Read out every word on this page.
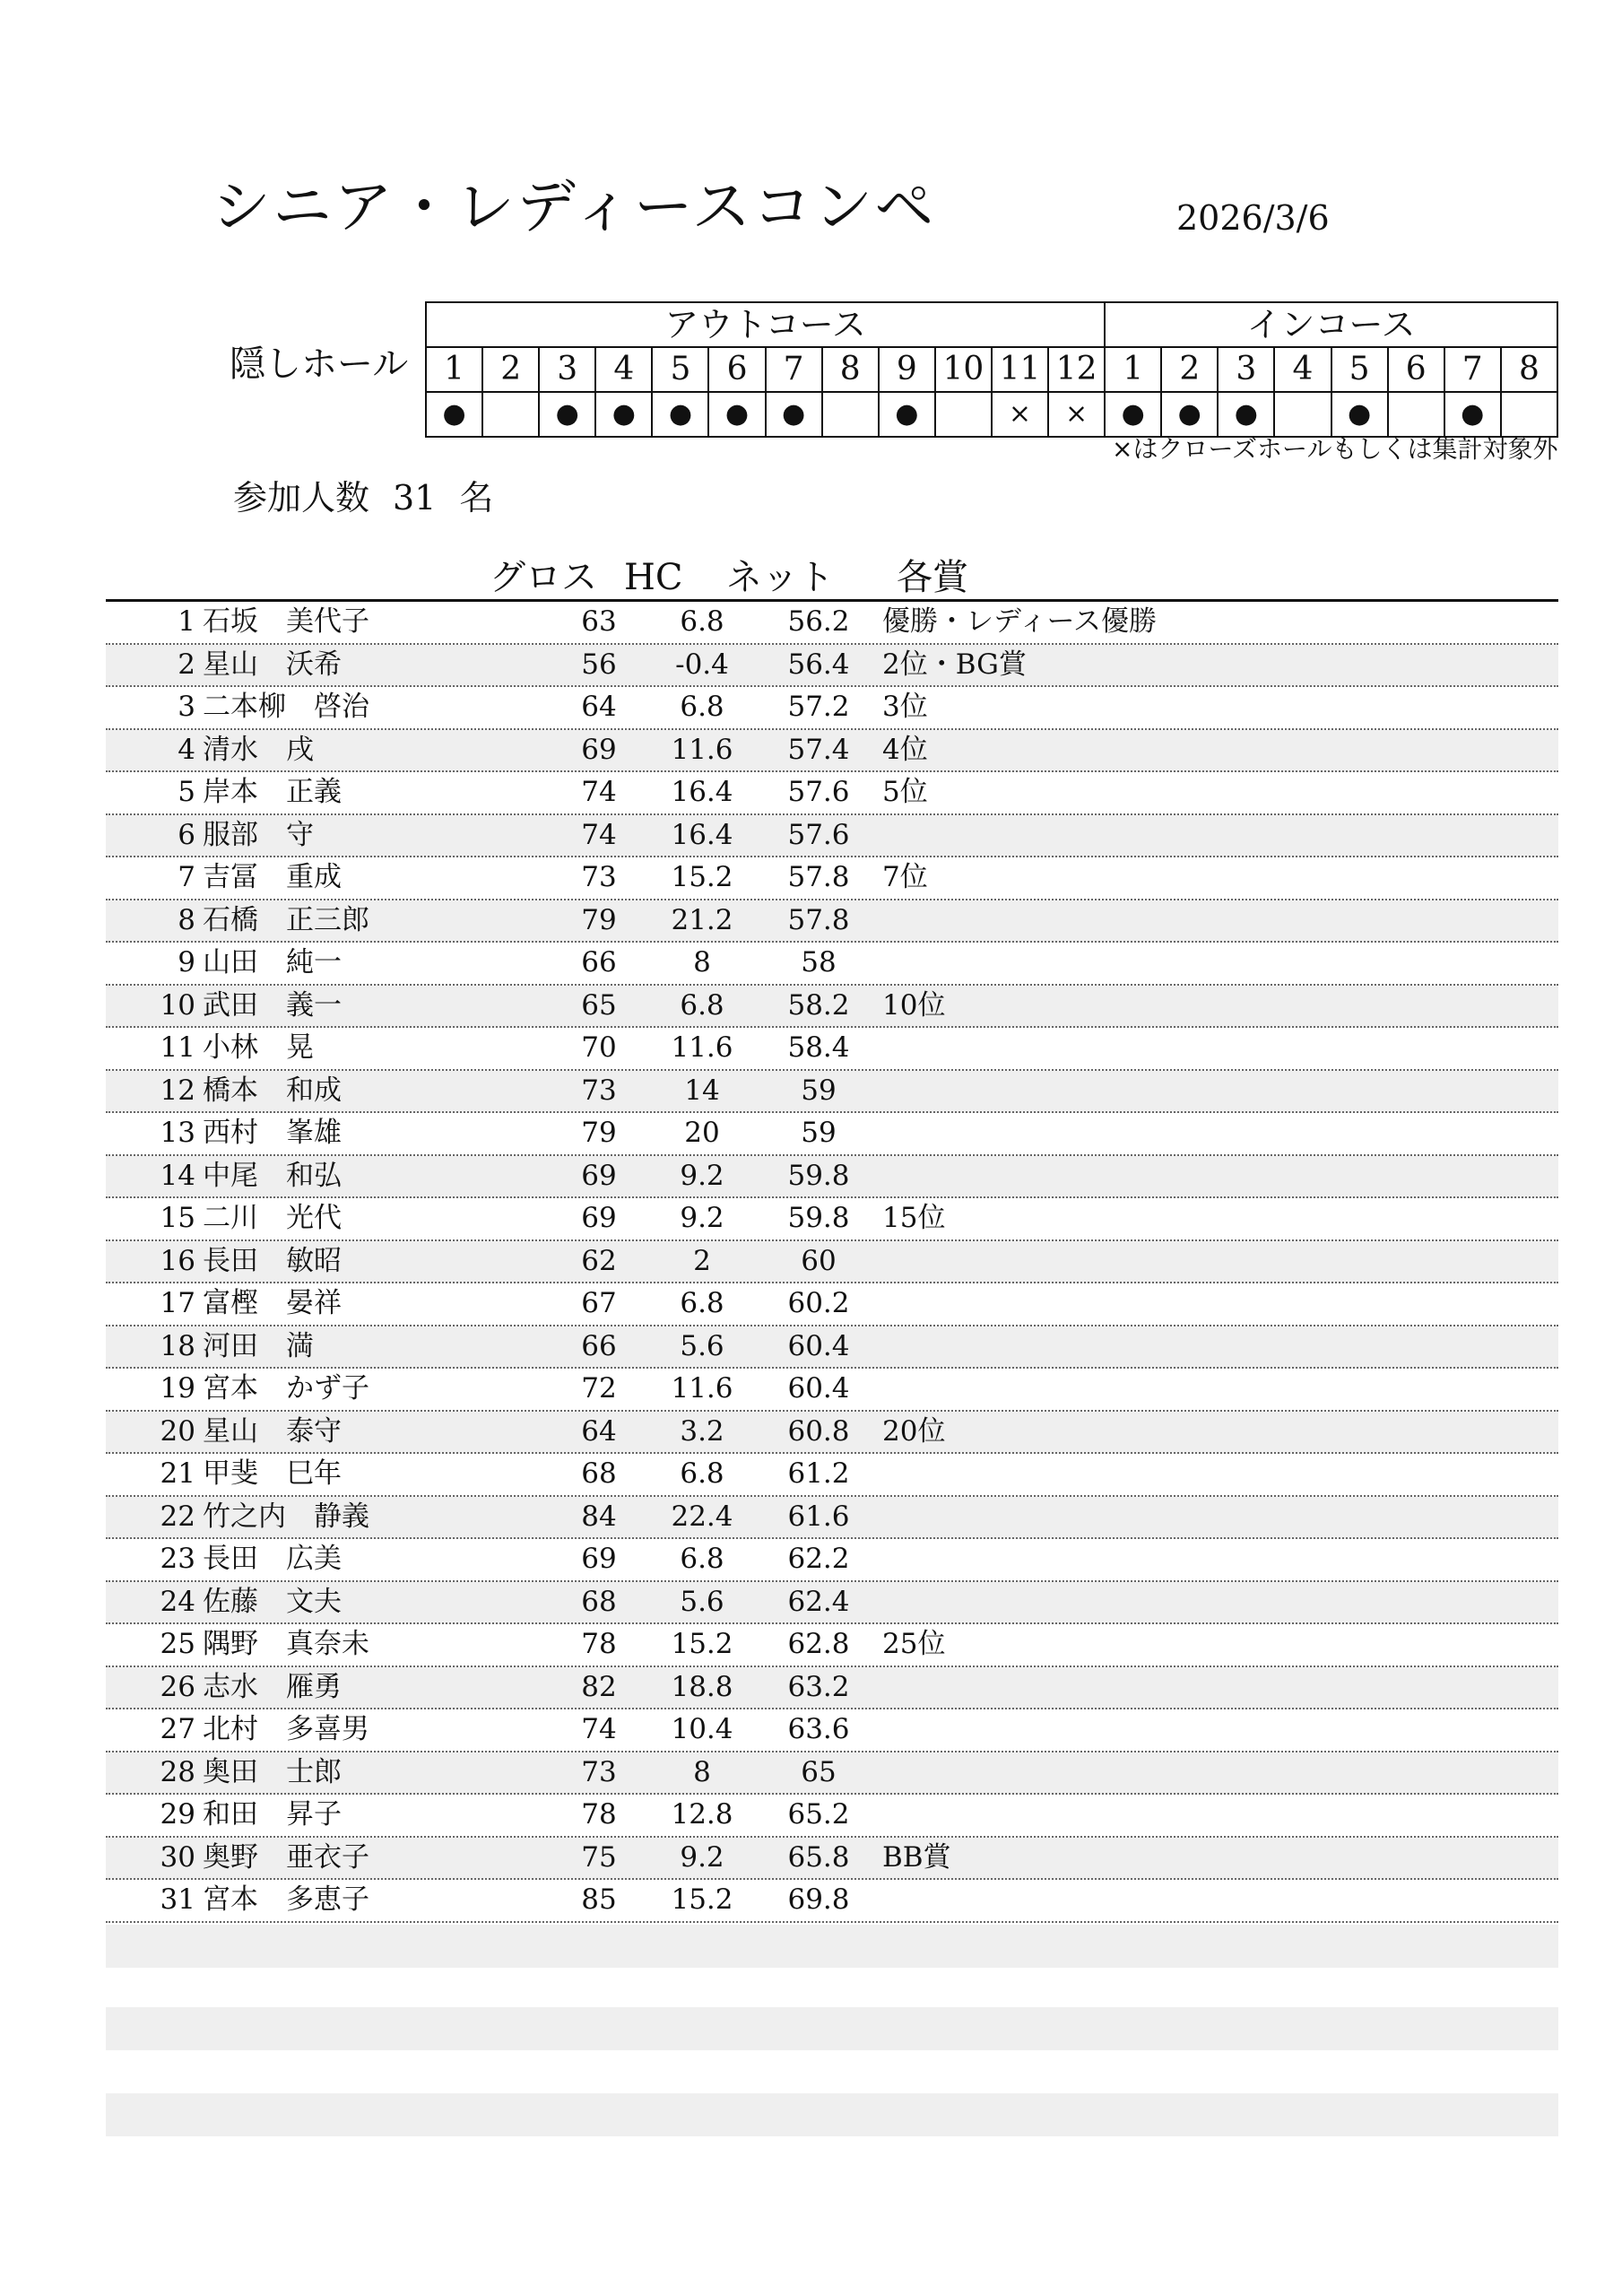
シニア・レディースコンペ	2026/3/6
隠しホール
アウトコース												インコース							
1	2	3	4	5	6	7	8	9	10	11	12	1	2	3	4	5	6	7	8
●		●	●	●	●	●		●		×	×	●	●	●		●		●	
×はクローズホールもしくは集計対象外
参加人数 31 名
グロス HC ネット 各賞
1 石坂　美代子	63	6.8	56.2	優勝・レディース優勝
2 星山　沃希	56	-0.4	56.4	2位・BG賞
3 二本柳　啓治	64	6.8	57.2	3位
4 清水　戌	69	11.6	57.4	4位
5 岸本　正義	74	16.4	57.6	5位
6 服部　守	74	16.4	57.6
7 吉冨　重成	73	15.2	57.8	7位
8 石橋　正三郎	79	21.2	57.8
9 山田　純一	66	8	58
10 武田　義一	65	6.8	58.2	10位
11 小林　晃	70	11.6	58.4
12 橋本　和成	73	14	59
13 西村　峯雄	79	20	59
14 中尾　和弘	69	9.2	59.8
15 二川　光代	69	9.2	59.8	15位
16 長田　敏昭	62	2	60
17 富樫　晏祥	67	6.8	60.2
18 河田　満	66	5.6	60.4
19 宮本　かず子	72	11.6	60.4
20 星山　泰守	64	3.2	60.8	20位
21 甲斐　巳年	68	6.8	61.2
22 竹之内　静義	84	22.4	61.6
23 長田　広美	69	6.8	62.2
24 佐藤　文夫	68	5.6	62.4
25 隅野　真奈未	78	15.2	62.8	25位
26 志水　雁勇	82	18.8	63.2
27 北村　多喜男	74	10.4	63.6
28 奥田　士郎	73	8	65
29 和田　昇子	78	12.8	65.2
30 奥野　亜衣子	75	9.2	65.8	BB賞
31 宮本　多恵子	85	15.2	69.8
